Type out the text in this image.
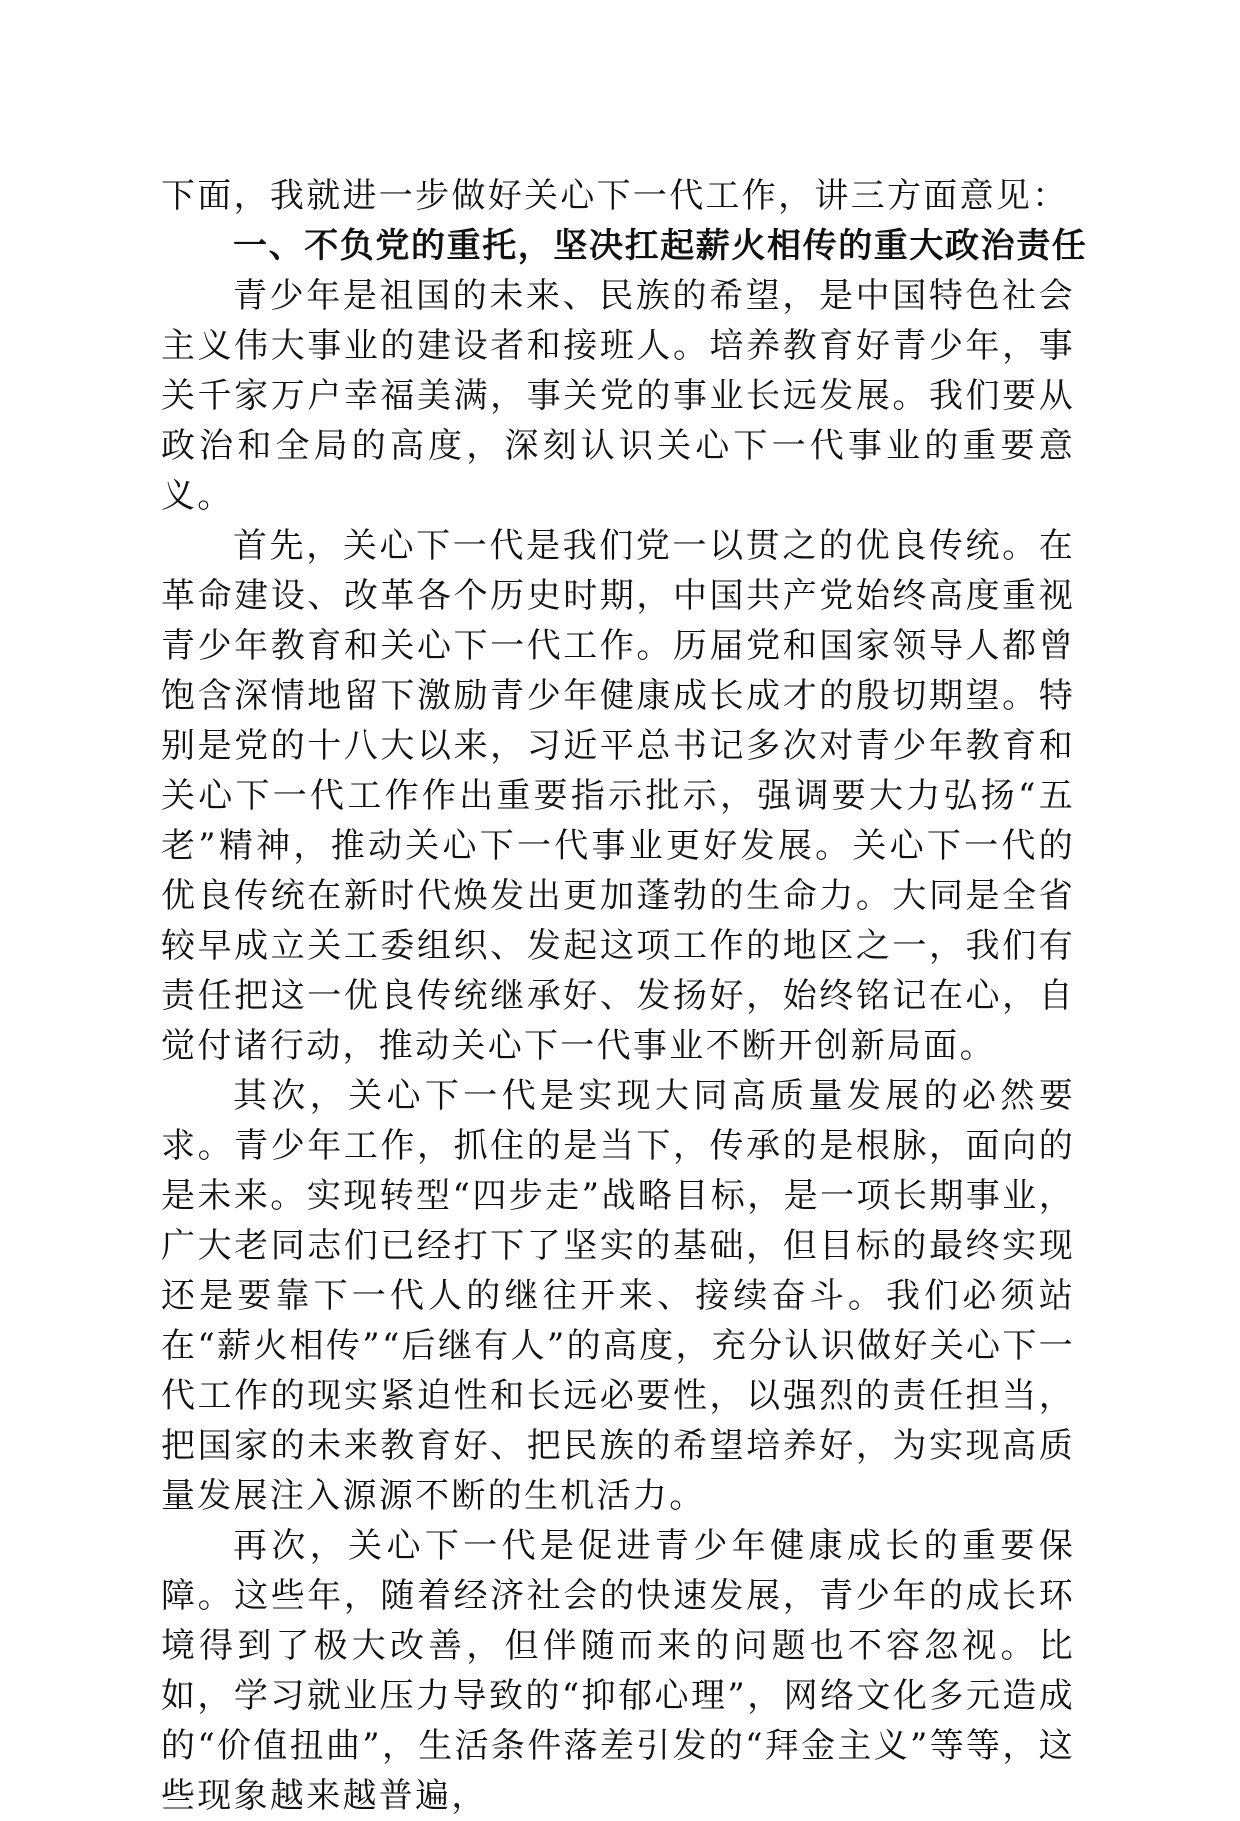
下面，我就进一步做好关心下一代工作，讲三方面意见：

一、不负党的重托，坚决扛起薪火相传的重大政治责任

青少年是祖国的未来、民族的希望，是中国特色社会主义伟大事业的建设者和接班人。培养教育好青少年，事关千家万户幸福美满，事关党的事业长远发展。我们要从政治和全局的高度，深刻认识关心下一代事业的重要意义。

首先，关心下一代是我们党一以贯之的优良传统。在革命建设、改革各个历史时期，中国共产党始终高度重视青少年教育和关心下一代工作。历届党和国家领导人都曾饱含深情地留下激励青少年健康成长成才的殷切期望。特别是党的十八大以来，习近平总书记多次对青少年教育和关心下一代工作作出重要指示批示，强调要大力弘扬“五老”精神，推动关心下一代事业更好发展。关心下一代的优良传统在新时代焕发出更加蓬勃的生命力。大同是全省较早成立关工委组织、发起这项工作的地区之一，我们有责任把这一优良传统继承好、发扬好，始终铭记在心，自觉付诸行动，推动关心下一代事业不断开创新局面。

其次，关心下一代是实现大同高质量发展的必然要求。青少年工作，抓住的是当下，传承的是根脉，面向的是未来。实现转型“四步走”战略目标，是一项长期事业，广大老同志们已经打下了坚实的基础，但目标的最终实现还是要靠下一代人的继往开来、接续奋斗。我们必须站在“薪火相传”“后继有人”的高度，充分认识做好关心下一代工作的现实紧迫性和长远必要性，以强烈的责任担当，把国家的未来教育好、把民族的希望培养好，为实现高质量发展注入源源不断的生机活力。

再次，关心下一代是促进青少年健康成长的重要保障。这些年，随着经济社会的快速发展，青少年的成长环境得到了极大改善，但伴随而来的问题也不容忽视。比如，学习就业压力导致的“抑郁心理”，网络文化多元造成的“价值扭曲”，生活条件落差引发的“拜金主义”等等，这些现象越来越普遍，
